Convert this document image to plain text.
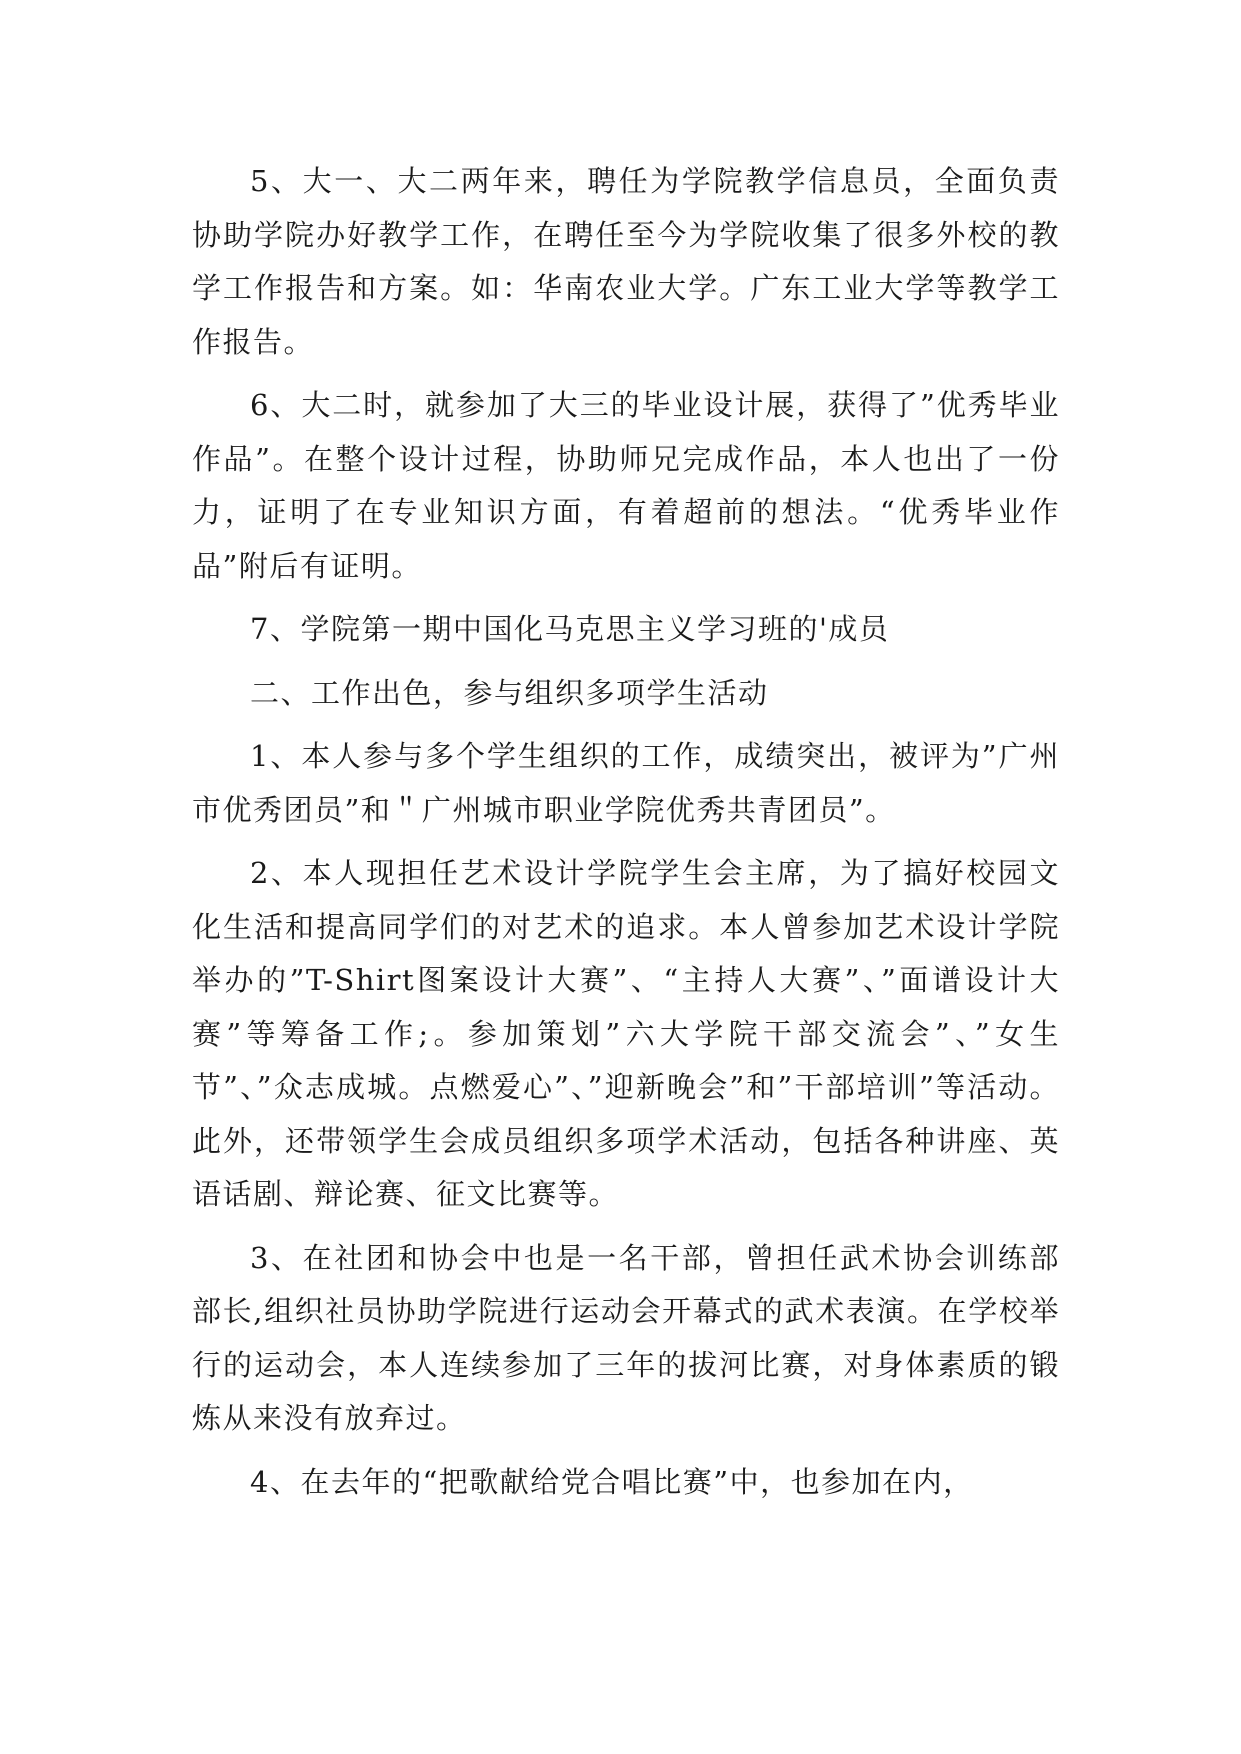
5、大一、大二两年来，聘任为学院教学信息员，全面负责协助学院办好教学工作，在聘任至今为学院收集了很多外校的教学工作报告和方案。如：华南农业大学。广东工业大学等教学工作报告。

6、大二时，就参加了大三的毕业设计展，获得了”优秀毕业作品”。在整个设计过程，协助师兄完成作品，本人也出了一份力，证明了在专业知识方面，有着超前的想法。“优秀毕业作品”附后有证明。

7、学院第一期中国化马克思主义学习班的'成员

二、工作出色，参与组织多项学生活动

1、本人参与多个学生组织的工作，成绩突出，被评为”广州市优秀团员”和＂广州城市职业学院优秀共青团员”。

2、本人现担任艺术设计学院学生会主席，为了搞好校园文化生活和提高同学们的对艺术的追求。本人曾参加艺术设计学院举办的”T-Shirt图案设计大赛”、“主持人大赛”、”面谱设计大赛”等筹备工作;。参加策划”六大学院干部交流会”、”女生节”、”众志成城。点燃爱心”、”迎新晚会”和”干部培训”等活动。此外，还带领学生会成员组织多项学术活动，包括各种讲座、英语话剧、辩论赛、征文比赛等。

3、在社团和协会中也是一名干部，曾担任武术协会训练部部长,组织社员协助学院进行运动会开幕式的武术表演。在学校举行的运动会，本人连续参加了三年的拔河比赛，对身体素质的锻炼从来没有放弃过。

4、在去年的“把歌献给党合唱比赛”中，也参加在内，
